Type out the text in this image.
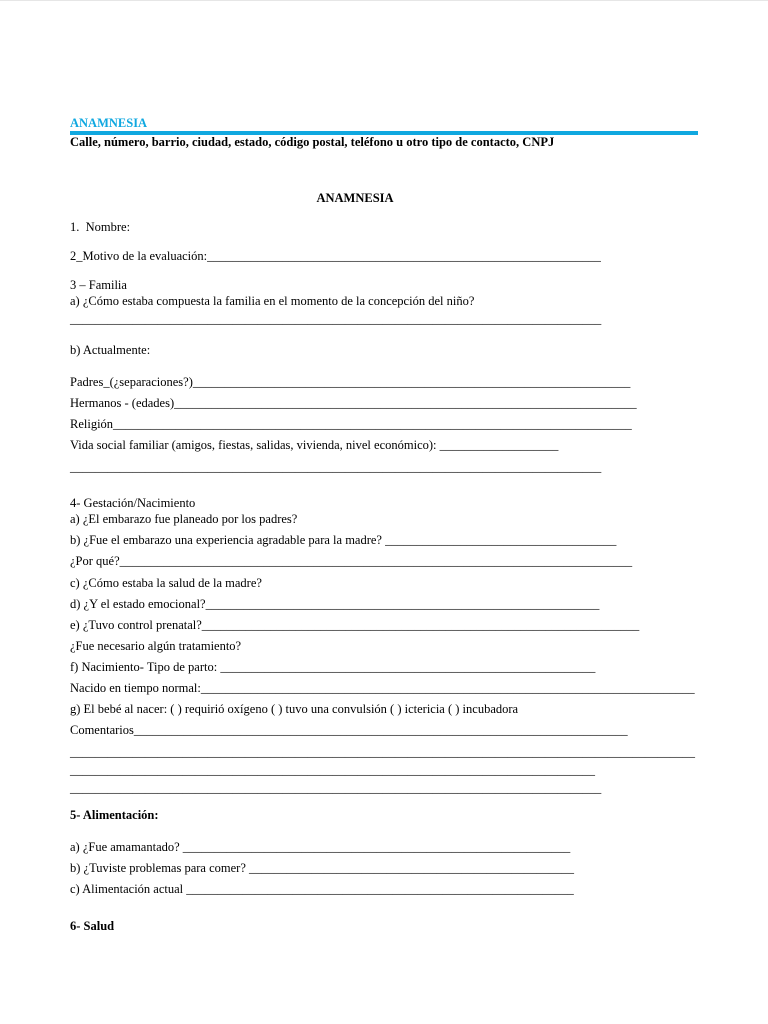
ANAMNESIA
Calle, número, barrio, ciudad, estado, código postal, teléfono u otro tipo de contacto, CNPJ
ANAMNESIA
1.  Nombre:
2_Motivo de la evaluación:_______________________________________________________________
3 – Familia
a) ¿Cómo estaba compuesta la familia en el momento de la concepción del niño?
_____________________________________________________________________________________
b) Actualmente:
Padres_(¿separaciones?)______________________________________________________________________
Hermanos - (edades)__________________________________________________________________________
Religión___________________________________________________________________________________
Vida social familiar (amigos, fiestas, salidas, vivienda, nivel económico): ___________________
_____________________________________________________________________________________
4- Gestación/Nacimiento
a) ¿El embarazo fue planeado por los padres?
b) ¿Fue el embarazo una experiencia agradable para la madre? _____________________________________
¿Por qué?__________________________________________________________________________________
c) ¿Cómo estaba la salud de la madre?
d) ¿Y el estado emocional?_______________________________________________________________
e) ¿Tuvo control prenatal?______________________________________________________________________
¿Fue necesario algún tratamiento?
f) Nacimiento- Tipo de parto: ____________________________________________________________
Nacido en tiempo normal:_______________________________________________________________________________
g) El bebé al nacer: ( ) requirió oxígeno ( ) tuvo una convulsión ( ) ictericia ( ) incubadora
Comentarios_______________________________________________________________________________
____________________________________________________________________________________________________
____________________________________________________________________________________
_____________________________________________________________________________________
5- Alimentación:
a) ¿Fue amamantado? ______________________________________________________________
b) ¿Tuviste problemas para comer? ____________________________________________________
c) Alimentación actual ______________________________________________________________
6- Salud
